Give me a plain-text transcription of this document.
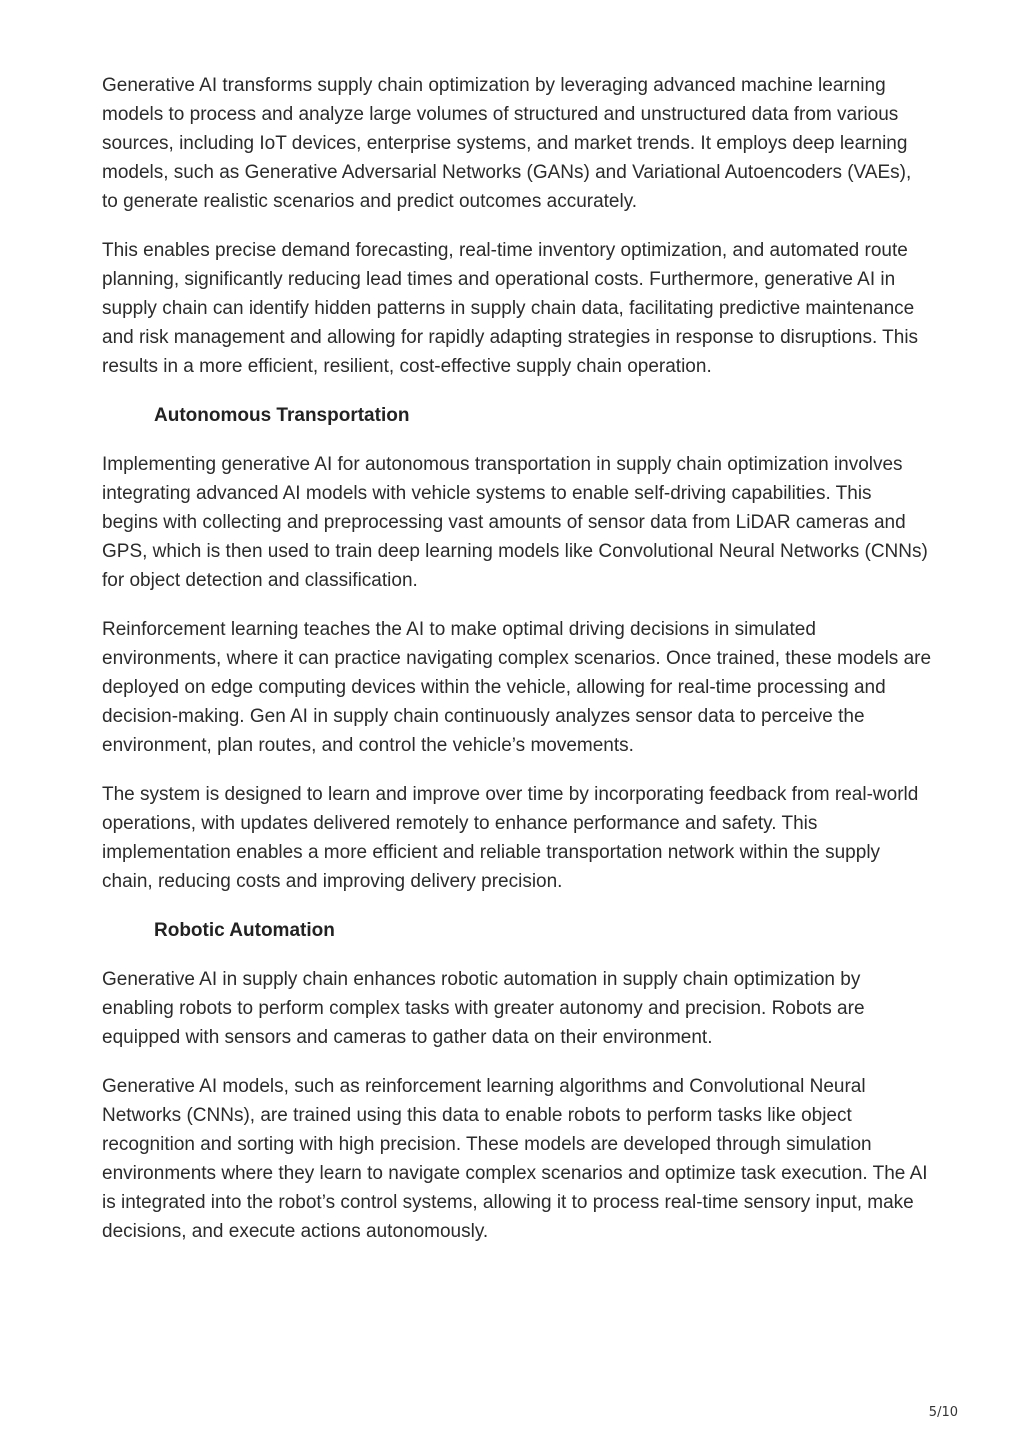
Generative AI transforms supply chain optimization by leveraging advanced machine learning models to process and analyze large volumes of structured and unstructured data from various sources, including IoT devices, enterprise systems, and market trends. It employs deep learning models, such as Generative Adversarial Networks (GANs) and Variational Autoencoders (VAEs), to generate realistic scenarios and predict outcomes accurately.

This enables precise demand forecasting, real-time inventory optimization, and automated route planning, significantly reducing lead times and operational costs. Furthermore, generative AI in supply chain can identify hidden patterns in supply chain data, facilitating predictive maintenance and risk management and allowing for rapidly adapting strategies in response to disruptions. This results in a more efficient, resilient, cost-effective supply chain operation.

Autonomous Transportation

Implementing generative AI for autonomous transportation in supply chain optimization involves integrating advanced AI models with vehicle systems to enable self-driving capabilities. This begins with collecting and preprocessing vast amounts of sensor data from LiDAR cameras and GPS, which is then used to train deep learning models like Convolutional Neural Networks (CNNs) for object detection and classification.

Reinforcement learning teaches the AI to make optimal driving decisions in simulated environments, where it can practice navigating complex scenarios. Once trained, these models are deployed on edge computing devices within the vehicle, allowing for real-time processing and decision-making. Gen AI in supply chain continuously analyzes sensor data to perceive the environment, plan routes, and control the vehicle’s movements.

The system is designed to learn and improve over time by incorporating feedback from real-world operations, with updates delivered remotely to enhance performance and safety. This implementation enables a more efficient and reliable transportation network within the supply chain, reducing costs and improving delivery precision.

Robotic Automation

Generative AI in supply chain enhances robotic automation in supply chain optimization by enabling robots to perform complex tasks with greater autonomy and precision. Robots are equipped with sensors and cameras to gather data on their environment.

Generative AI models, such as reinforcement learning algorithms and Convolutional Neural Networks (CNNs), are trained using this data to enable robots to perform tasks like object recognition and sorting with high precision. These models are developed through simulation environments where they learn to navigate complex scenarios and optimize task execution. The AI is integrated into the robot’s control systems, allowing it to process real-time sensory input, make decisions, and execute actions autonomously.

5/10
